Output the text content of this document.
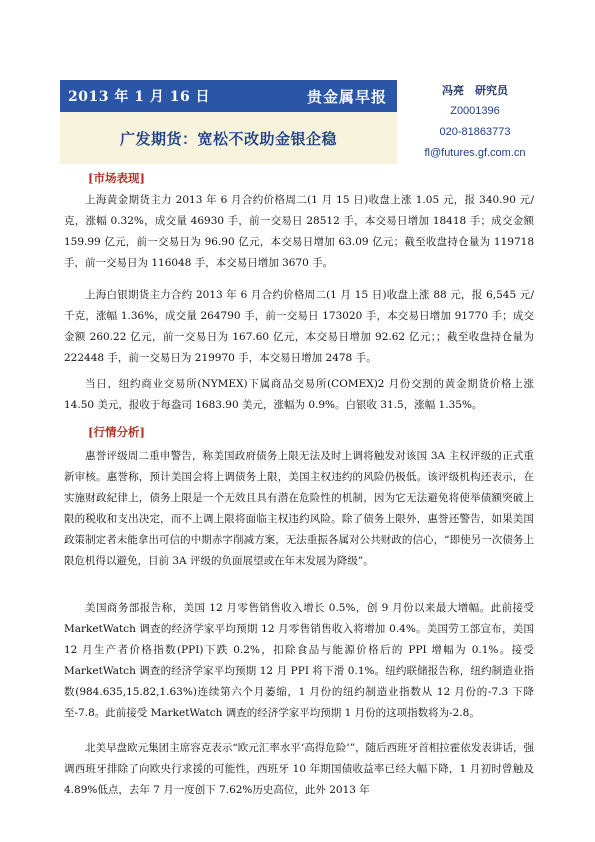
2013 年 1 月 16 日	贵金属早报
广发期货：宽松不改助金银企稳
冯亮　研究员
Z0001396
020-81863773
fl@futures.gf.com.cn
[市场表现]

上海黄金期货主力 2013 年 6 月合约价格周二(1 月 15 日)收盘上涨 1.05 元，报 340.90 元/克，涨幅 0.32%，成交量 46930 手，前一交易日 28512 手，本交易日增加 18418 手；成交金额 159.99 亿元，前一交易日为 96.90 亿元，本交易日增加 63.09 亿元；截至收盘持仓量为 119718 手，前一交易日为 116048 手，本交易日增加 3670 手。

上海白银期货主力合约 2013 年 6 月合约价格周二(1 月 15 日)收盘上涨 88 元，报 6,545 元/千克，涨幅 1.36%，成交量 264790 手，前一交易日 173020 手，本交易日增加 91770 手；成交金额 260.22 亿元，前一交易日为 167.60 亿元，本交易日增加 92.62 亿元；；截至收盘持仓量为 222448 手，前一交易日为 219970 手，本交易日增加 2478 手。

当日，纽约商业交易所(NYMEX)下属商品交易所(COMEX)2 月份交割的黄金期货价格上涨 14.50 美元，报收于每盎司 1683.90 美元，涨幅为 0.9%。白银收 31.5，涨幅 1.35%。

[行情分析]

惠誉评级周二重申警告，称美国政府债务上限无法及时上调将触发对该国 3A 主权评级的正式重新审核。惠誉称，预计美国会将上调债务上限，美国主权违约的风险仍极低。该评级机构还表示，在实施财政紀律上，债务上限是一个无效且具有潜在危险性的机制，因为它无法避免将使举债额突破上限的税收和支出决定，而不上调上限将面临主权违约风险。除了债务上限外，惠誉还警告，如果美国政策制定者未能拿出可信的中期赤字削减方案，无法重振各属对公共财政的信心，“即使另一次债务上限危机得以避免，目前 3A 评级的负面展望或在年末发展为降级”。

美国商务部报告称，美国 12 月零售销售收入增长 0.5%，创 9 月份以来最大增幅。此前接受 MarketWatch 调查的经济学家平均预期 12 月零售销售收入将增加 0.4%。美国劳工部宣布，美国 12 月生产者价格指数(PPI)下跌 0.2%，扣除食品与能源价格后的 PPI 增幅为 0.1%。接受 MarketWatch 调查的经济学家平均预期 12 月 PPI 将下滑 0.1%。纽约联储报告称，纽约制造业指数(984.635,15.82,1.63%)连续第六个月萎缩，1 月份的纽约制造业指数从 12 月份的-7.3 下降至-7.8。此前接受 MarketWatch 调查的经济学家平均预期 1 月份的这项指数将为-2.8。

北美早盘欧元集团主席容克表示“欧元汇率水平‘高得危险’”，随后西班牙首相拉霍依发表讲话，强调西班牙排除了向欧央行求援的可能性，西班牙 10 年期国债收益率已经大幅下降，1 月初时曾触及 4.89%低点，去年 7 月一度创下 7.62%历史高位，此外 2013 年
